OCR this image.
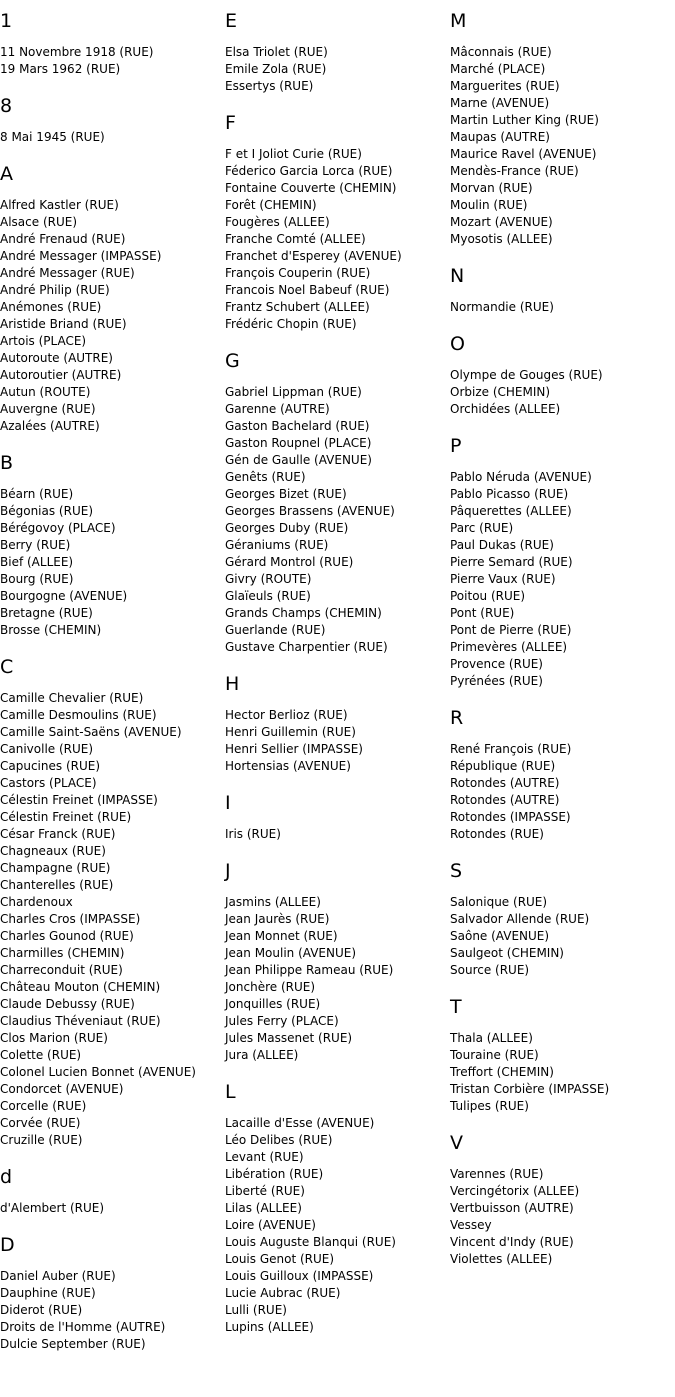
1
11 Novembre 1918 (RUE)
19 Mars 1962 (RUE)
8
8 Mai 1945 (RUE)
A
Alfred Kastler (RUE)
Alsace (RUE)
André Frenaud (RUE)
André Messager (IMPASSE)
André Messager (RUE)
André Philip (RUE)
Anémones (RUE)
Aristide Briand (RUE)
Artois (PLACE)
Autoroute (AUTRE)
Autoroutier (AUTRE)
Autun (ROUTE)
Auvergne (RUE)
Azalées (AUTRE)
B
Béarn (RUE)
Bégonias (RUE)
Bérégovoy (PLACE)
Berry (RUE)
Bief (ALLEE)
Bourg (RUE)
Bourgogne (AVENUE)
Bretagne (RUE)
Brosse (CHEMIN)
C
Camille Chevalier (RUE)
Camille Desmoulins (RUE)
Camille Saint-Saëns (AVENUE)
Canivolle (RUE)
Capucines (RUE)
Castors (PLACE)
Célestin Freinet (IMPASSE)
Célestin Freinet (RUE)
César Franck (RUE)
Chagneaux (RUE)
Champagne (RUE)
Chanterelles (RUE)
Chardenoux
Charles Cros (IMPASSE)
Charles Gounod (RUE)
Charmilles (CHEMIN)
Charreconduit (RUE)
Château Mouton (CHEMIN)
Claude Debussy (RUE)
Claudius Théveniaut (RUE)
Clos Marion (RUE)
Colette (RUE)
Colonel Lucien Bonnet (AVENUE)
Condorcet (AVENUE)
Corcelle (RUE)
Corvée (RUE)
Cruzille (RUE)
d
d'Alembert (RUE)
D
Daniel Auber (RUE)
Dauphine (RUE)
Diderot (RUE)
Droits de l'Homme (AUTRE)
Dulcie September (RUE)
E
Elsa Triolet (RUE)
Emile Zola (RUE)
Essertys (RUE)
F
F et I Joliot Curie (RUE)
Féderico Garcia Lorca (RUE)
Fontaine Couverte (CHEMIN)
Forêt (CHEMIN)
Fougères (ALLEE)
Franche Comté (ALLEE)
Franchet d'Esperey (AVENUE)
François Couperin (RUE)
Francois Noel Babeuf (RUE)
Frantz Schubert (ALLEE)
Frédéric Chopin (RUE)
G
Gabriel Lippman (RUE)
Garenne (AUTRE)
Gaston Bachelard (RUE)
Gaston Roupnel (PLACE)
Gén de Gaulle (AVENUE)
Genêts (RUE)
Georges Bizet (RUE)
Georges Brassens (AVENUE)
Georges Duby (RUE)
Géraniums (RUE)
Gérard Montrol (RUE)
Givry (ROUTE)
Glaïeuls (RUE)
Grands Champs (CHEMIN)
Guerlande (RUE)
Gustave Charpentier (RUE)
H
Hector Berlioz (RUE)
Henri Guillemin (RUE)
Henri Sellier (IMPASSE)
Hortensias (AVENUE)
I
Iris (RUE)
J
Jasmins (ALLEE)
Jean Jaurès (RUE)
Jean Monnet (RUE)
Jean Moulin (AVENUE)
Jean Philippe Rameau (RUE)
Jonchère (RUE)
Jonquilles (RUE)
Jules Ferry (PLACE)
Jules Massenet (RUE)
Jura (ALLEE)
L
Lacaille d'Esse (AVENUE)
Léo Delibes (RUE)
Levant (RUE)
Libération (RUE)
Liberté (RUE)
Lilas (ALLEE)
Loire (AVENUE)
Louis Auguste Blanqui (RUE)
Louis Genot (RUE)
Louis Guilloux (IMPASSE)
Lucie Aubrac (RUE)
Lulli (RUE)
Lupins (ALLEE)
M
Mâconnais (RUE)
Marché (PLACE)
Marguerites (RUE)
Marne (AVENUE)
Martin Luther King (RUE)
Maupas (AUTRE)
Maurice Ravel (AVENUE)
Mendès-France (RUE)
Morvan (RUE)
Moulin (RUE)
Mozart (AVENUE)
Myosotis (ALLEE)
N
Normandie (RUE)
O
Olympe de Gouges (RUE)
Orbize (CHEMIN)
Orchidées (ALLEE)
P
Pablo Néruda (AVENUE)
Pablo Picasso (RUE)
Pâquerettes (ALLEE)
Parc (RUE)
Paul Dukas (RUE)
Pierre Semard (RUE)
Pierre Vaux (RUE)
Poitou (RUE)
Pont (RUE)
Pont de Pierre (RUE)
Primevères (ALLEE)
Provence (RUE)
Pyrénées (RUE)
R
René François (RUE)
République (RUE)
Rotondes (AUTRE)
Rotondes (AUTRE)
Rotondes (IMPASSE)
Rotondes (RUE)
S
Salonique (RUE)
Salvador Allende (RUE)
Saône (AVENUE)
Saulgeot (CHEMIN)
Source (RUE)
T
Thala (ALLEE)
Touraine (RUE)
Treffort (CHEMIN)
Tristan Corbière (IMPASSE)
Tulipes (RUE)
V
Varennes (RUE)
Vercingétorix (ALLEE)
Vertbuisson (AUTRE)
Vessey
Vincent d'Indy (RUE)
Violettes (ALLEE)
